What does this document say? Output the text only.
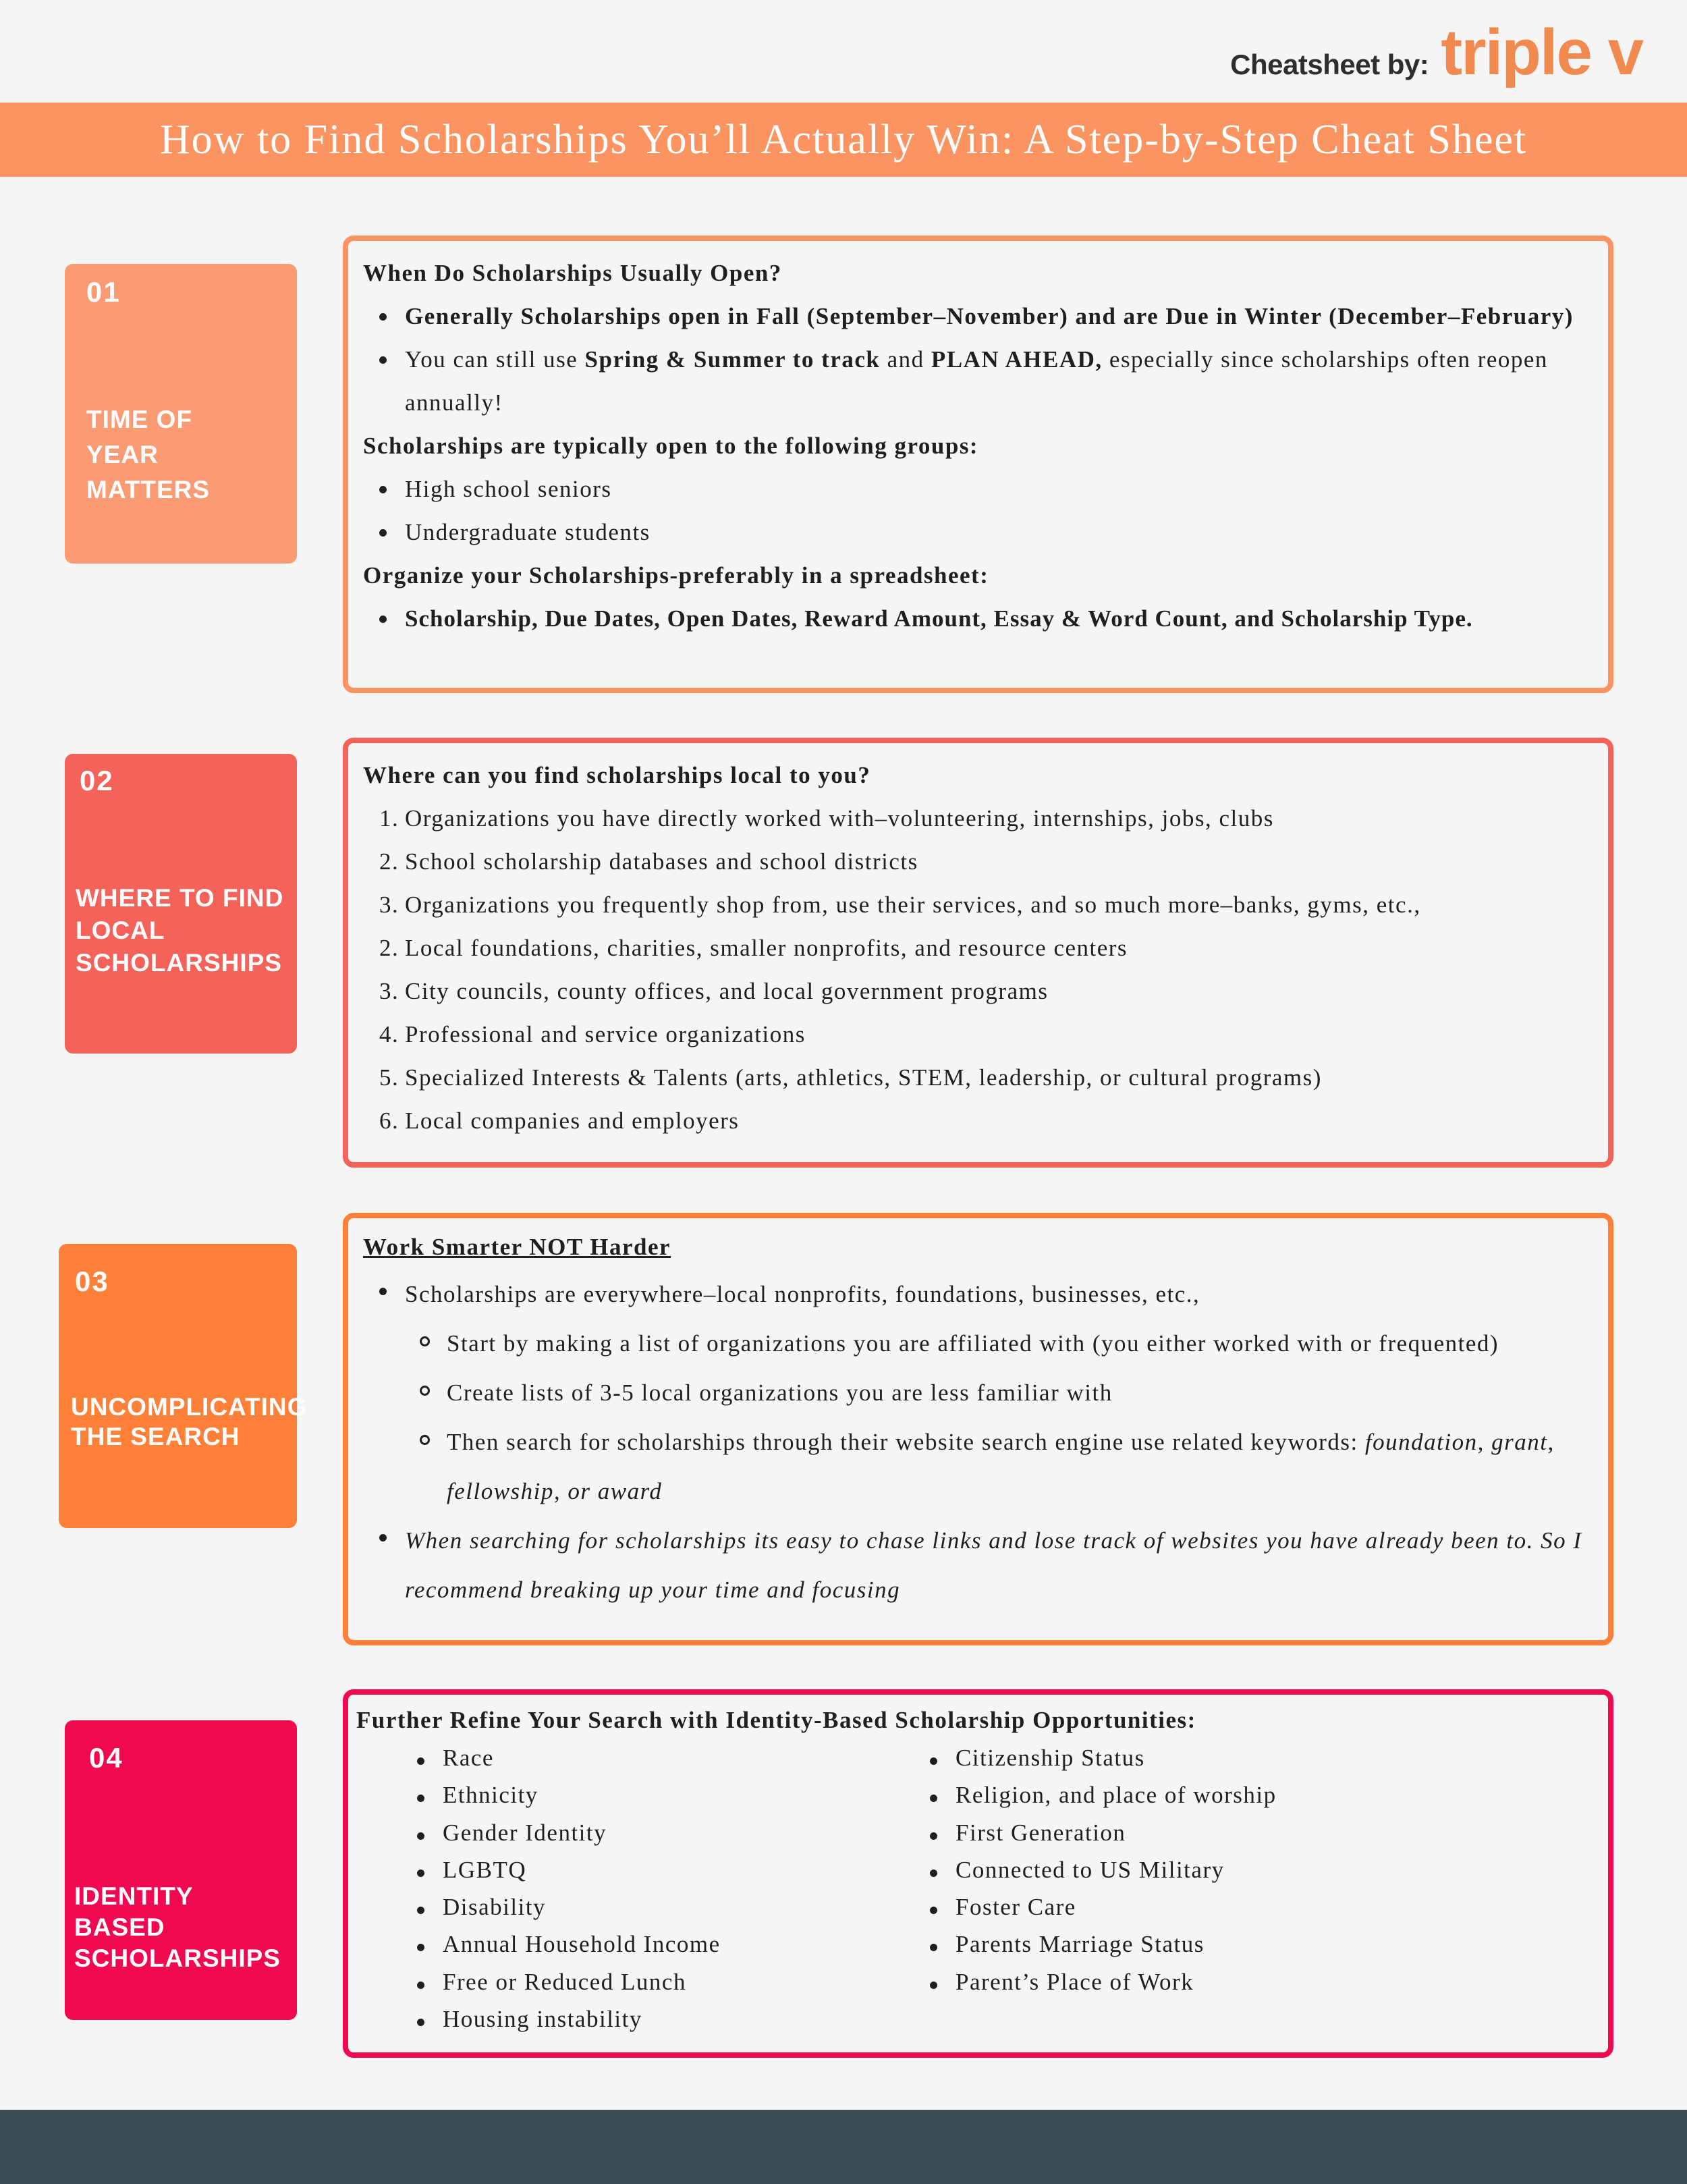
Cheatsheet by: triple v
How to Find Scholarships You’ll Actually Win: A Step-by-Step Cheat Sheet
01
TIME OF
YEAR
MATTERS
When Do Scholarships Usually Open?
Generally Scholarships open in Fall (September–November) and are Due in Winter (December–February)
You can still use Spring & Summer to track and PLAN AHEAD, especially since scholarships often reopen annually!
Scholarships are typically open to the following groups:
High school seniors
Undergraduate students
Organize your Scholarships-preferably in a spreadsheet:
Scholarship, Due Dates, Open Dates, Reward Amount, Essay & Word Count, and Scholarship Type.
02
WHERE TO FIND
LOCAL
SCHOLARSHIPS
Where can you find scholarships local to you?
1. Organizations you have directly worked with–volunteering, internships, jobs, clubs
2. School scholarship databases and school districts
3. Organizations you frequently shop from, use their services, and so much more–banks, gyms, etc.,
2. Local foundations, charities, smaller nonprofits, and resource centers
3. City councils, county offices, and local government programs
4. Professional and service organizations
5. Specialized Interests & Talents (arts, athletics, STEM, leadership, or cultural programs)
6. Local companies and employers
03
UNCOMPLICATING
THE SEARCH
Work Smarter NOT Harder
Scholarships are everywhere–local nonprofits, foundations, businesses, etc.,
Start by making a list of organizations you are affiliated with (you either worked with or frequented)
Create lists of 3-5 local organizations you are less familiar with
Then search for scholarships through their website search engine use related keywords: foundation, grant, fellowship, or award
When searching for scholarships its easy to chase links and lose track of websites you have already been to. So I recommend breaking up your time and focusing
04
IDENTITY
BASED
SCHOLARSHIPS
Further Refine Your Search with Identity-Based Scholarship Opportunities:
Race
Ethnicity
Gender Identity
LGBTQ
Disability
Annual Household Income
Free or Reduced Lunch
Housing instability
Citizenship Status
Religion, and place of worship
First Generation
Connected to US Military
Foster Care
Parents Marriage Status
Parent’s Place of Work
